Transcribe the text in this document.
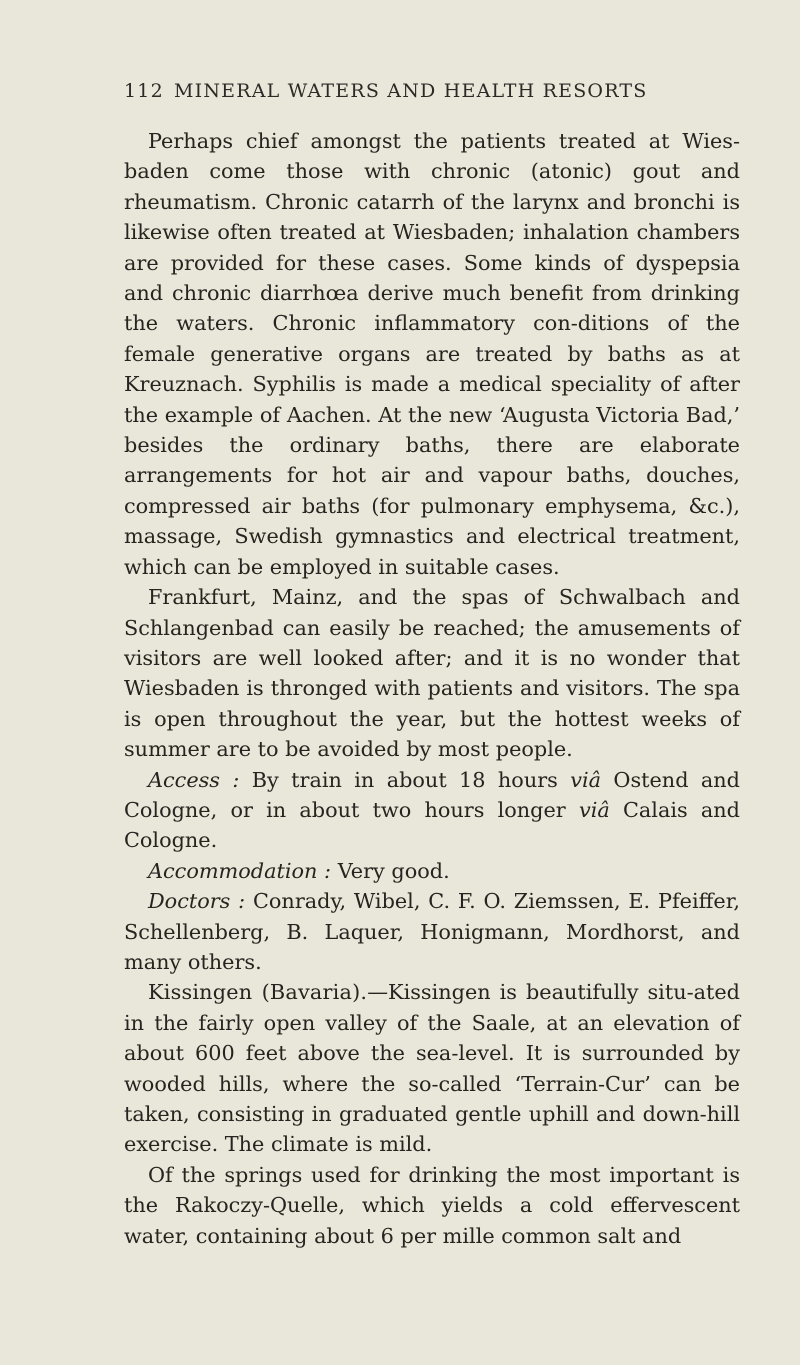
112 MINERAL WATERS AND HEALTH RESORTS

Perhaps chief amongst the patients treated at Wies-baden come those with chronic (atonic) gout and rheumatism. Chronic catarrh of the larynx and bronchi is likewise often treated at Wiesbaden; inhalation chambers are provided for these cases. Some kinds of dyspepsia and chronic diarrhœa derive much benefit from drinking the waters. Chronic inflammatory con-ditions of the female generative organs are treated by baths as at Kreuznach. Syphilis is made a medical speciality of after the example of Aachen. At the new ‘Augusta Victoria Bad,’ besides the ordinary baths, there are elaborate arrangements for hot air and vapour baths, douches, compressed air baths (for pulmonary emphysema, &c.), massage, Swedish gymnastics and electrical treatment, which can be employed in suitable cases.

Frankfurt, Mainz, and the spas of Schwalbach and Schlangenbad can easily be reached; the amusements of visitors are well looked after; and it is no wonder that Wiesbaden is thronged with patients and visitors. The spa is open throughout the year, but the hottest weeks of summer are to be avoided by most people.

Access : By train in about 18 hours viâ Ostend and Cologne, or in about two hours longer viâ Calais and Cologne.

Accommodation : Very good.

Doctors : Conrady, Wibel, C. F. O. Ziemssen, E. Pfeiffer, Schellenberg, B. Laquer, Honigmann, Mordhorst, and many others.

Kissingen (Bavaria).—Kissingen is beautifully situ-ated in the fairly open valley of the Saale, at an elevation of about 600 feet above the sea-level. It is surrounded by wooded hills, where the so-called ‘Terrain-Cur’ can be taken, consisting in graduated gentle uphill and down-hill exercise. The climate is mild.

Of the springs used for drinking the most important is the Rakoczy-Quelle, which yields a cold effervescent water, containing about 6 per mille common salt and
